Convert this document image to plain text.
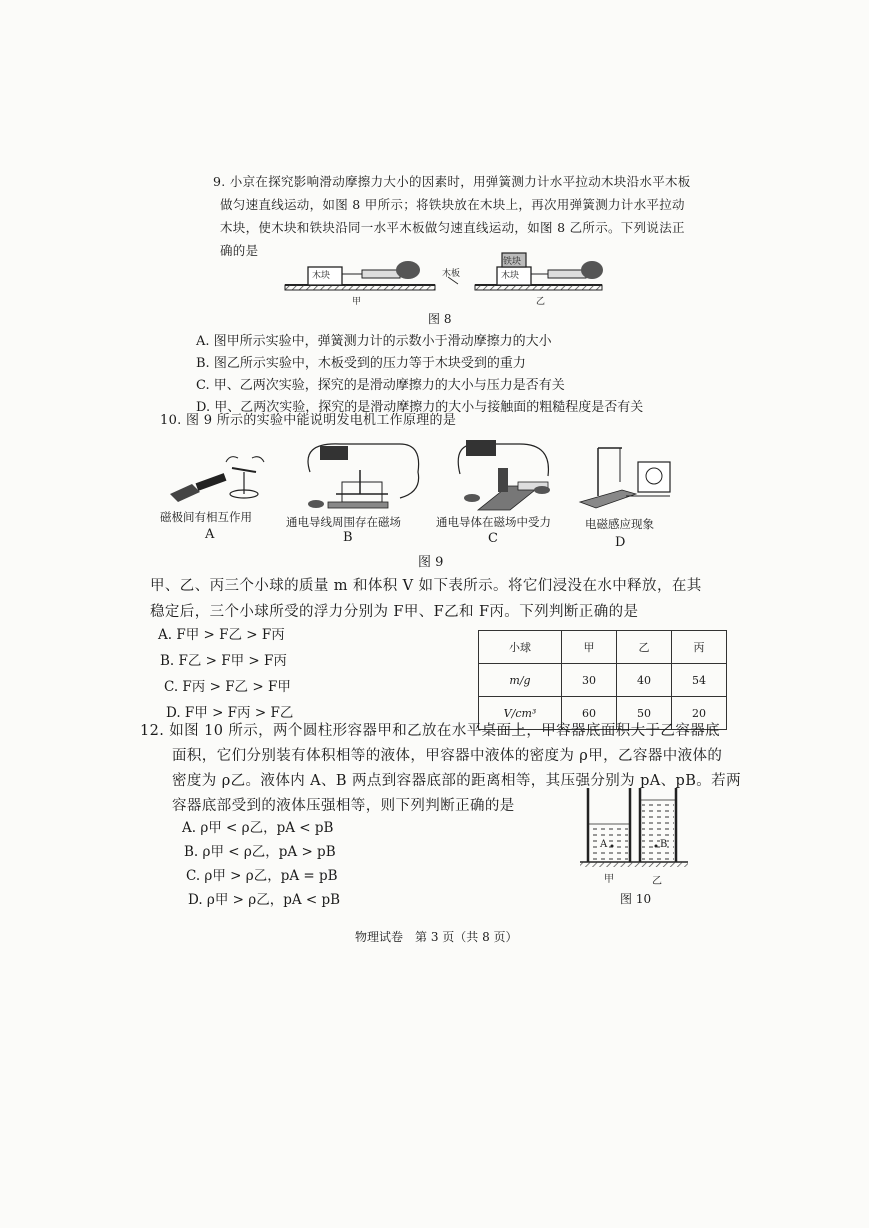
9. 小京在探究影响滑动摩擦力大小的因素时，用弹簧测力计水平拉动木块沿水平木板
做匀速直线运动，如图 8 甲所示；将铁块放在木块上，再次用弹簧测力计水平拉动
木块，使木块和铁块沿同一水平木板做匀速直线运动，如图 8 乙所示。下列说法正
确的是
木块	木块
铁块
木板
甲	乙
图 8
A. 图甲所示实验中，弹簧测力计的示数小于滑动摩擦力的大小
B. 图乙所示实验中，木板受到的压力等于木块受到的重力
C. 甲、乙两次实验，探究的是滑动摩擦力的大小与压力是否有关
D. 甲、乙两次实验，探究的是滑动摩擦力的大小与接触面的粗糙程度是否有关
10. 图 9 所示的实验中能说明发电机工作原理的是
磁极间有相互作用	通电导线周围存在磁场	通电导体在磁场中受力	电磁感应现象
A	B	C	D
图 9
甲、乙、丙三个小球的质量 m 和体积 V 如下表所示。将它们浸没在水中释放，在其
稳定后，三个小球所受的浮力分别为 F甲、F乙和 F丙。下列判断正确的是
A. F甲 > F乙 > F丙
B. F乙 > F甲 > F丙
C. F丙 > F乙 > F甲
D. F甲 > F丙 > F乙
小球	甲	乙	丙
m/g	30	40	54
V/cm³	60	50	20
12. 如图 10 所示，两个圆柱形容器甲和乙放在水平桌面上，甲容器底面积大于乙容器底
面积，它们分别装有体积相等的液体，甲容器中液体的密度为 ρ甲，乙容器中液体的
密度为 ρ乙。液体内 A、B 两点到容器底部的距离相等，其压强分别为 pA、pB。若两
容器底部受到的液体压强相等，则下列判断正确的是
A. ρ甲 < ρ乙，pA < pB
B. ρ甲 < ρ乙，pA > pB
C. ρ甲 > ρ乙，pA = pB
D. ρ甲 > ρ乙，pA < pB
A	B
甲	乙
图 10
物理试卷　第 3 页（共 8 页）
